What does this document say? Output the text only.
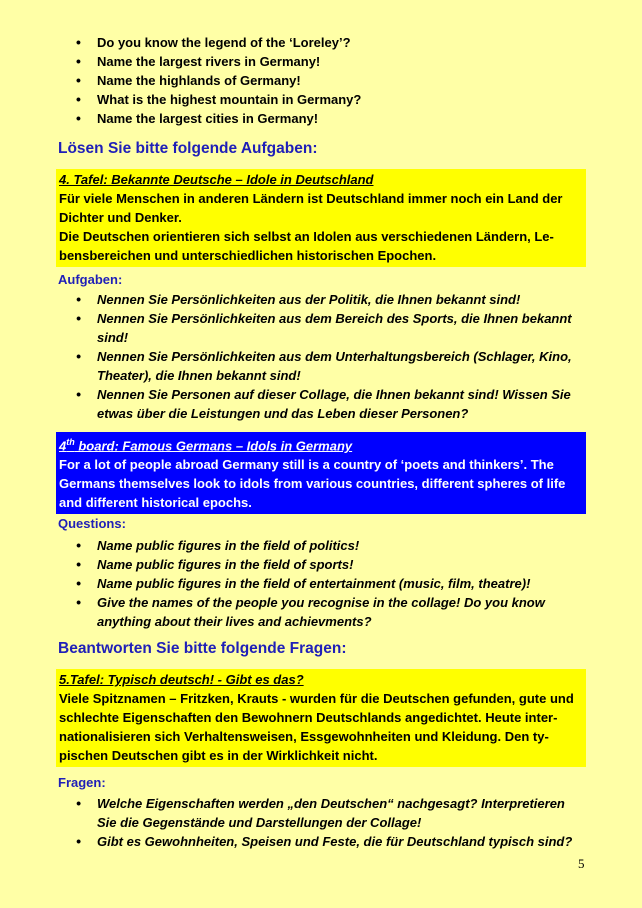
• Do you know the legend of the ‘Loreley’?
• Name the largest rivers in Germany!
• Name the highlands of Germany!
• What is the highest mountain in Germany?
• Name the largest cities in Germany!
Lösen Sie bitte folgende Aufgaben:
4. Tafel: Bekannte Deutsche – Idole in Deutschland
Für viele Menschen in anderen Ländern ist Deutschland immer noch ein Land der
Dichter und Denker.
Die Deutschen orientieren sich selbst an Idolen aus verschiedenen Ländern, Le-
bensbereichen und unterschiedlichen historischen Epochen.
Aufgaben:
• Nennen Sie Persönlichkeiten aus der Politik, die Ihnen bekannt sind!
• Nennen Sie Persönlichkeiten aus dem Bereich des Sports, die Ihnen bekannt
sind!
• Nennen Sie Persönlichkeiten aus dem Unterhaltungsbereich (Schlager, Kino,
Theater), die Ihnen bekannt sind!
• Nennen Sie Personen auf dieser Collage, die Ihnen bekannt sind! Wissen Sie
etwas über die Leistungen und das Leben dieser Personen?
4th board: Famous Germans – Idols in Germany
For a lot of people abroad Germany still is a country of ‘poets and thinkers’. The
Germans themselves look to idols from various countries, different spheres of life
and different historical epochs.
Questions:
• Name public figures in the field of politics!
• Name public figures in the field of sports!
• Name public figures in the field of entertainment (music, film, theatre)!
• Give the names of the people you recognise in the collage! Do you know
anything about their lives and achievments?
Beantworten Sie bitte folgende Fragen:
5.Tafel: Typisch deutsch! - Gibt es das?
Viele Spitznamen – Fritzken, Krauts - wurden für die Deutschen gefunden, gute und
schlechte Eigenschaften den Bewohnern Deutschlands angedichtet. Heute inter-
nationalisieren sich Verhaltensweisen, Essgewohnheiten und Kleidung. Den ty-
pischen Deutschen gibt es in der Wirklichkeit nicht.
Fragen:
• Welche Eigenschaften werden „den Deutschen“ nachgesagt? Interpretieren
Sie die Gegenstände und Darstellungen der Collage!
• Gibt es Gewohnheiten, Speisen und Feste, die für Deutschland typisch sind?
5
